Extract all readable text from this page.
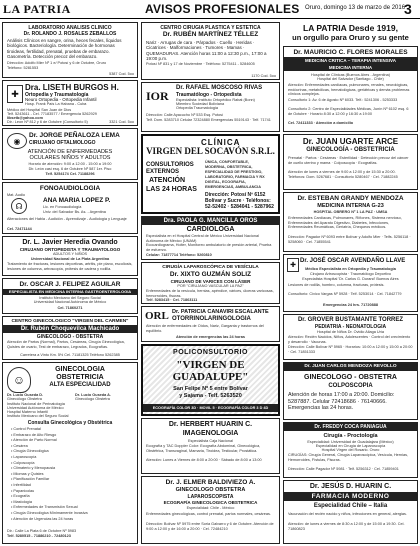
LA PATRIA	AVISOS PROFESIONALES Oruro, domingo 13 de marzo de 2016
3
LABORATORIO ANALISIS CLINICO
Dr. ROLANDO J. ROSALES ZEBALLOS
Análisis Clínicos en sangre, orina, heces fecales, líquidos biológicos. Bacteriología. Determinación de hormonas tiroideas, fertilidad, prenatal, pruebas de embarazo. Gasometría. Detección precoz del embarazo.
Dirección: Adolfo Mier Nº 1 e/ Potosí y 6 de Octubre, Oruro
Teléfono: 5281553
5387 Cod. 5oo
✚
Dra. LISETH BURGOS H.
Ortopedia y Traumatología
Neuro Ortopedia - Ortopedia Infantil
Hosp. Frank País La Habana - Cuba
Médico del Hospital San Juan de Dios
Telf. 5243611 - Cel. 77183577 / Emergencia 5262929
libsetb@yahoo.com
Dir.: Leon Nº 812 y 6 de Octubre (Consultorio 5)	3321 Cod. 5oo
◉
Dr. JORGE PEÑALOZA LEMA
CIRUJANO OFTALMOLOGO
ATENCIÓN DE ENFERMEDADES
OCULARES NIÑOS Y ADULTOS
Horario de atención: 9:00 a 12:00 - 15:00 a 19:00
Dir. León casi esq. 6 de Octubre Nº 587 1er. Piso
Telf. 5254174 Cel. 71188296
FONOAUDIOLOGIA
Mat. Audio
☊
ANA MARIA LOPEZ P.
Lic. en Fonoaudiología
Univ. del Salvador Bs. As. - Argentina
Alteraciones del Habla - Audición - Aprendizaje - Audiología y Lenguaje
Cel. 72471144
Dr. L. Javier Heredia Ovando
CIRUJANO ORTOPEDISTA Y TRAUMATOLOGO
ADULTOS Y NIÑOS
Universidad Nacional de La Plata Argentina
Tratamiento de fracturas, lesiones deportivas, artritis, pie plano, escoliosis, lesiones de columna, artroscopía, prótesis de cadera y rodilla.
Dr. OSCAR J. FELIPEZ AGUILAR
ESPECIALISTA EN MEDICINA INTERNA GASTROENTEROLOGIA
Instituto Mexicano del Seguro Social
Universidad Nacional Autónoma de México
Cel. 71860271
CENTRO GINECOLOGICO "VIRGEN DEL CARMEN"
Dr. Rubén Choquevilca Machicado
GINECOLOGO - OBSTETRA
Atención de Partos (Normal), Partos, Cesáreas, Cirugía Ginecológica, Quistes de ovario, Test de embarazo, Legrados, Ecografías.
Carretera a Vinto Km. 5½ Cel. 71181325 Teléfono 5262385
☺
GINECOLOGIA
OBSTETRICIA
ALTA ESPECIALIDAD
Dr. Lucio Ouseda D.
Ginecólogo Obstetra
Dr. Lucio Ouseda A.
Ginecólogo Obstetra
Instituto Nacional de Perinatología
Universidad Autónoma de México
Hospital Materno Infantil
Instituto Mexicano del Seguro Social
Consulta Ginecológica y Obstétrica
• Control Prenatal
• Embarazo de Alto Riesgo
• Atención de Parto Normal
• Cesárea
• Cirugía Ginecológica
• Laparoscopía
• Colposcopía
• Climaterio y Menopausia
• Miomas y Quistes
• Planificación Familiar
• Infertilidad
• Papanicolau
• Ecografía
• Mastología
• Enfermedades de Transmisión Sexual
• Cirugía Ginecológica Mínimamente Invasiva
• Atención de Urgencias las 24 horas
Dir.: Calle La Plata 6 de Octubre Nº 5983
Telf. 5280515 - 71886210 - 72480123
CENTRO CIRUGIA PLASTICA Y ESTETICA
Dr. RUBÉN MARTÍNEZ TÉLLEZ
Nariz · Arrugas de cara · Párpados · Cuello · Heridas · Cicatrices · Malformaciones · Tumores · Mamas · QUEMADURAS. Atención horas 11:00 a 12:30 p.m., 17:00 a 19:00 p.m.
Potosí Nº 831 y 17 de Noviembre · Teléfono: 5275411 - 5284605
1170 Cod. 5oo
IOR
Dr. RAFAEL MOSCOSO RIVAS
Traumatólogo - Ortopedista
Especialista: Instituto Ortopédico Rabat (Bonn)
Miembro Sociedad Boliviana
Ortopedia Traumatología
Dirección: Calle Ayacucho Nº 533 Esq. Potosí
Telf. Dom. 5283710 Celular 72324880 Emergencias 5519143 · Telf. 71741
CLÍNICA
VIRGEN DEL SOCAVÓN S.R.L.
CONSULTORIOS
EXTERNOS
ATENCIÓN
LAS 24 HORAS
ÚNICA, CONFORTABLE,
MODERNA, OBSTETRICA,
ESPECIALIDAD DE PRESTIGIO,
LABORATORIO, FARMACIA Y RX
DIGITAL, ECOGRAFIA,
EMERGENCIAS, AMBULANCIA
Dirección: Potosí Nº 6152
Bolívar y Sucre · Teléfonos:
52-52402 · 5284041 - 5287962
Dra. PAOLA G. MANCILLA OROS
CARDIOLOGA
Especialista en el Hospital Central de México Universidad Nacional Autónoma de México (UNAM)
Ecocardiograma, Holter, Monitoreo ambulatorio de presión arterial, Prueba de esfuerzo.
Celular: 71877714 Teléfono: 5260810
CIRUGÍA LAPAROSCÓPICA DE VESÍCULA
Dr. XIXTO GUZMÁN SOLIZ
CIRUJANO DE VARICES CON LÁSER
POR "CIRUJANO VASCULAR LA PAZ"
Enfermedades de la vesícula, hernias, apéndice, várices, úlceras varicosas, hemorroides, fisuras.
Telf. 5283415 · Cel. 71863111
ORL Dr. PATRICIA CANAVIRI ESCALANTE
OTORRINOLARINGOLOGIA
Atención de enfermedades de Oídos, Nariz, Garganta y trastornos del equilibrio.
Atención de emergencias las 24 horas
POLICONSULTORIO
"VIRGEN DE
GUADALUPE"
San Felipe Nº 5 entre Bolívar
y Sajama - Telf. 5263520
ECOGRAFÍA COLOR 3D · MOVIL 5 · ECOGRAFÍA COLOR 3 D 4D
Dr. HERBERT HUARIN C.
IMAGENOLOGIA
Especialista Caja Nacional
Ecografía y TAC Doppler Color: Ecografía Abdominal, Ginecológica, Obstétrica, Transvaginal, Mamaria, Tiroidea, Testicular, Prostática.
Atención: Lunes a Viernes de 8:00 a 20:00 · Sábado de 8:00 a 13:00
Dr. J. ELMER BALDIVIEZO A.
GINECOLOGO OBSTETRA
LAPAROSCOPISTA
ECOGRAFÍA GINECOLOGICA OBSTETRICA
Especialidad: Chile - México
Enfermedades ginecológicas, control prenatal, partos normales, cesáreas.
Dirección: Bolívar Nº 5975 entre Soria Galvarro y 6 de Octubre. Atención de 9:00 a 12:00 y de 16:00 a 20:00 · Cel. 72484210
LA PATRIA Desde 1919,
un orgullo para Oruro y su gente
Dr. MAURICIO C. FLORES MORALES
MEDICINA CRITICA – TERAPIA INTENSIVA
MEDICINA INTERNA
Hospital de Clínicas (Buenos Aires - Argentina)
Hospital del Salvador (Santiago - Chile)
Atención: Enfermedades cardíacas, pulmonares, renales, neurológicas, endócrinas, metabólicas, hematológicas, geriátricas y demás problemas clínicos complejos.
Consultorio 1: Av. 6 de Agosto Nº 6033. Telf.: 5241306 - 5253333
Consultorio 2: Centro de Especialidades Médicas, Junín Nº 6102 esq. 6 de Octubre · Horario 8:30 a 12:00 y 16:30 a 19:00
Cel. 72411333 · Atención a domicilio
Dr. JUAN UGARTE ARCE
GINECOLOGÍA - OBSTETRICIA
Prenatal · Partos · Cesáreas · Esterilidad · Detección precoz del cáncer de cuello uterino y mama · Colposcopía · Ecografías.
Atención de lunes a viernes de 9:00 a 12:00 y de 15:30 a 20:00. Teléfonos: Dom. 5267681 · Consultorio 5280467 · Cel. 71882245
Dr. ESTEBAN GRANDY MENDOZA
MEDICINA INTERNA G-23
HOSPITAL OBRERO Nº 1 LA PAZ · UMSA
Enfermedades Cardíacas, Pulmonares, Riñones, Sistema nervioso, Enfermedades del Aparato Digestivo, Diabetes, Infecciones, Enfermedades Reumáticas, Geriatría, Chequeos médicos.
Dirección: Pagador Nº 6093 entre Bolívar y Adolfo Mier · Telfs. 5256118 · 5258060 · Cel. 71855541
✚
Dr. JOSÉ OSCAR AVENDAÑO LLAVE
Médico Especialista en Ortopedia y Traumatología
Cirujano Artroscopista · Traumatólogo Deportivo
Especialista Hospital 'Dr. Carlos G. Durand' Buenos Aires
Lesiones de rodilla, hombro, columna, fracturas, prótesis.
Consultorio: Cívico Vargas Nº 5928 · Telf. 5253014 · Cel. 71842779
Emergencias 24 hrs. 71720888
Dr. GROVER BUSTAMANTE TORREZ
PEDIATRIA - NEONATOLOGIA
Hospital de Niños Dr. Ovidio Aliaga Uría
Atención: Recién Nacidos, Niños, Adolescentes · Control del crecimiento y desarrollo · Vacunas.
Dirección: Calle Bolívar Nº 5965 · Horarios: 10:00 a 12:00 y 15:00 a 20:00 · Cel. 71851333
Dr. JUAN CARLOS MENDOZA REVOLLO
GINECOLOGO - OBSTETRA
COLPOSCOPIA
Atención de horas 17:00 a 20:00. Domicilio: 5287887. Celular 72418686 · 76140666. Emergencias las 24 horas.
Dr. FREDDY COCA PANIAGUA
Cirugía - Proctología
Especialidad: Universidad de Guadalajara (México)
Especialidad en Cirugía de Laparoscopía
Hospital Virgen del Rosario. Oruro
CIRUGÍAS: Cirugía General, Cirugía Laparoscópica, Vesícula, Hernias, Hemorroides, Fístulas, Fisuras.
Dirección: Calle Pagador Nº 5981 · Telf. 5256312 · Cel. 71859401
Dr. JESÚS D. HUARIN C.
FARMACIA MODERNO
Especialidad Chile – Italia
Vacunación del recién nacido y niños, infecciones en general, alergias.
Atención: de lunes a viernes de 8:30 a 12:00 y de 15:00 a 19:30. Cel. 71860823
